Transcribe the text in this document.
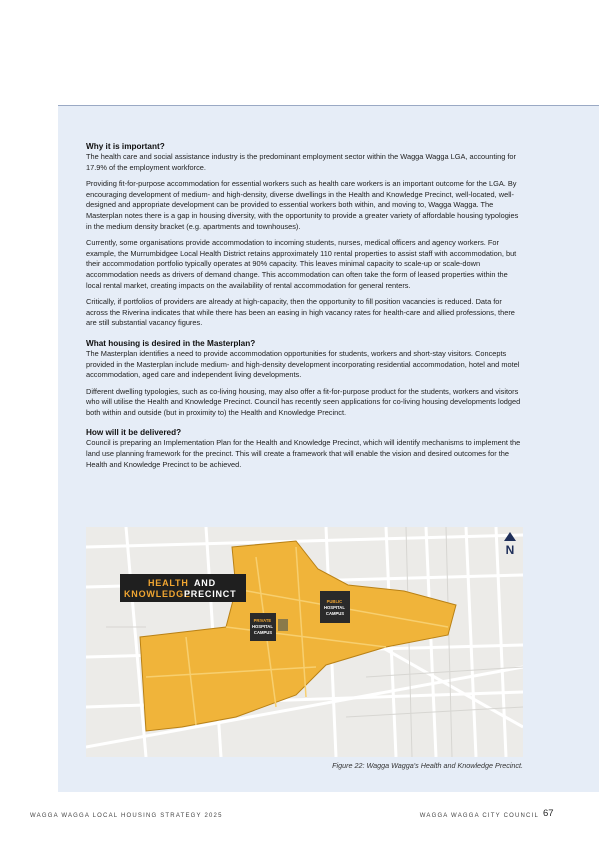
Why it is important?

The health care and social assistance industry is the predominant employment sector within the Wagga Wagga LGA, accounting for 17.9% of the employment workforce.

Providing fit-for-purpose accommodation for essential workers such as health care workers is an important outcome for the LGA. By encouraging development of medium- and high-density, diverse dwellings in the Health and Knowledge Precinct, well-located, well-designed and appropriate development can be provided to essential workers both within, and moving to, Wagga Wagga. The Masterplan notes there is a gap in housing diversity, with the opportunity to provide a greater variety of affordable housing typologies in the medium density bracket (e.g. apartments and townhouses).

Currently, some organisations provide accommodation to incoming students, nurses, medical officers and agency workers. For example, the Murrumbidgee Local Health District retains approximately 110 rental properties to assist staff with accommodation, but their accommodation portfolio typically operates at 90% capacity. This leaves minimal capacity to scale-up or scale-down accommodation needs as drivers of demand change. This accommodation can often take the form of leased properties within the local rental market, creating impacts on the availability of rental accommodation for general renters.

Critically, if portfolios of providers are already at high-capacity, then the opportunity to fill position vacancies is reduced. Data for across the Riverina indicates that while there has been an easing in high vacancy rates for health-care and allied professions, there are still substantial vacancy figures.

What housing is desired in the Masterplan?

The Masterplan identifies a need to provide accommodation opportunities for students, workers and short-stay visitors. Concepts provided in the Masterplan include medium- and high-density development incorporating residential accommodation, hotel and motel accommodation, aged care and independent living developments.

Different dwelling typologies, such as co-living housing, may also offer a fit-for-purpose product for the students, workers and visitors who will utilise the Health and Knowledge Precinct. Council has recently seen applications for co-living housing developments lodged both within and outside (but in proximity to) the Health and Knowledge Precinct.

How will it be delivered?

Council is preparing an Implementation Plan for the Health and Knowledge Precinct, which will identify mechanisms to implement the land use planning framework for the precinct. This will create a framework that will enable the vision and desired outcomes for the Health and Knowledge Precinct to be achieved.

PRIVATE HOSPITAL CAMPUS
PUBLIC HOSPITAL CAMPUS
HEALTH AND KNOWLEDGE PRECINCT
N
Figure 22: Wagga Wagga's Health and Knowledge Precinct.
WAGGA WAGGA LOCAL HOUSING STRATEGY 2025	WAGGA WAGGA CITY COUNCIL 67
